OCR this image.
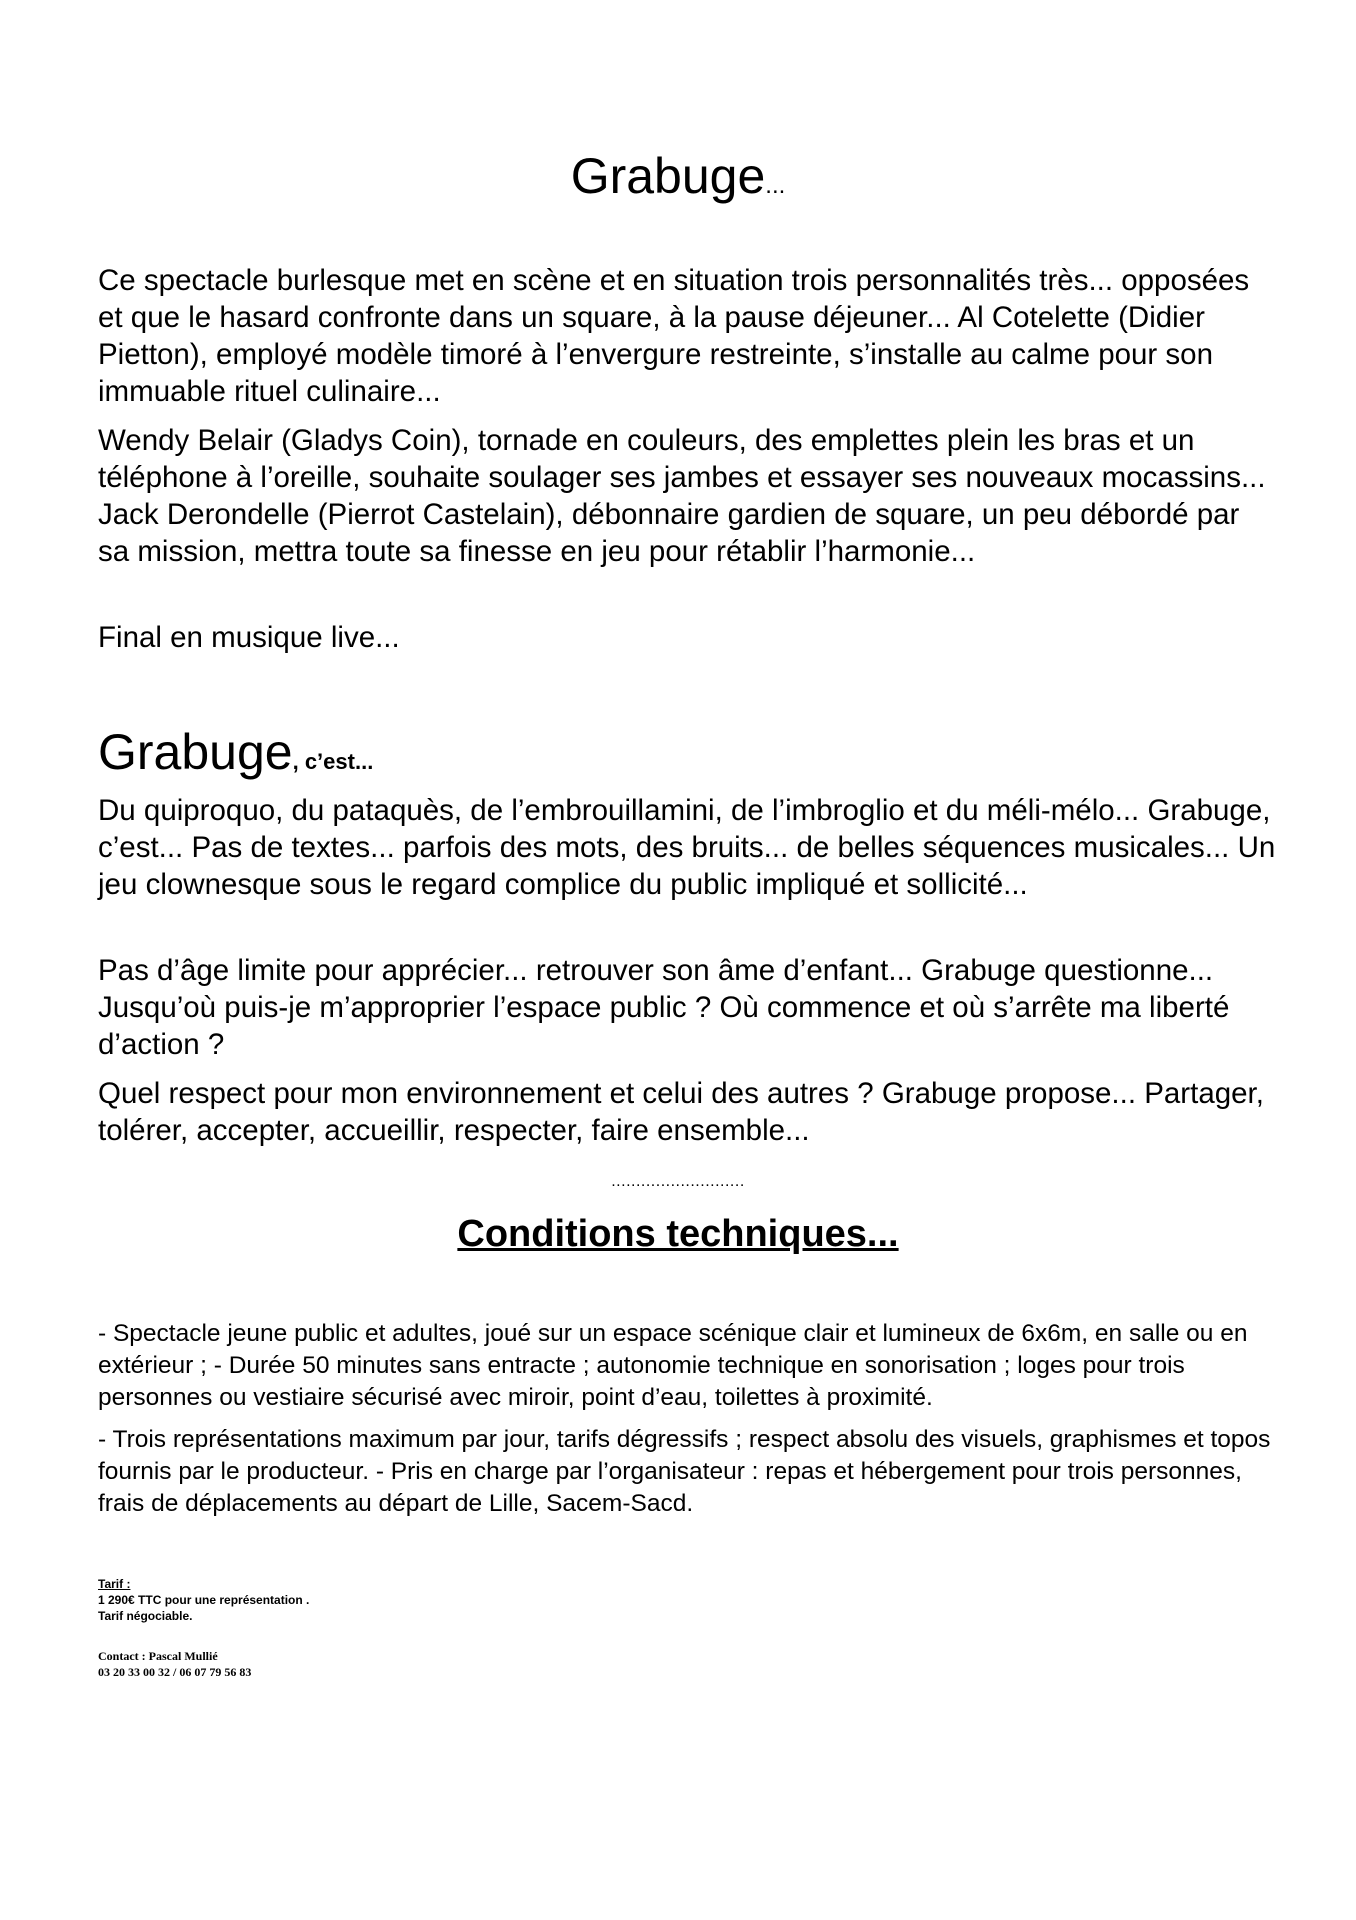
Grabuge...

Ce spectacle burlesque met en scène et en situation trois personnalités très... opposées et que le hasard confronte dans un square, à la pause déjeuner... Al Cotelette (Didier Pietton), employé modèle timoré à l’envergure restreinte, s’installe au calme pour son immuable rituel culinaire...

Wendy Belair (Gladys Coin), tornade en couleurs, des emplettes plein les bras et un téléphone à l’oreille, souhaite soulager ses jambes et essayer ses nouveaux mocassins... Jack Derondelle (Pierrot Castelain), débonnaire gardien de square, un peu débordé par sa mission, mettra toute sa finesse en jeu pour rétablir l’harmonie...

Final en musique live...

Grabuge, c’est...

Du quiproquo, du pataquès, de l’embrouillamini, de l’imbroglio et du méli-mélo... Grabuge, c’est... Pas de textes... parfois des mots, des bruits... de belles séquences musicales... Un jeu clownesque sous le regard complice du public impliqué et sollicité...

Pas d’âge limite pour apprécier... retrouver son âme d’enfant... Grabuge questionne... Jusqu’où puis-je m’approprier l’espace public ? Où commence et où s’arrête ma liberté d’action ?

Quel respect pour mon environnement et celui des autres ? Grabuge propose... Partager, tolérer, accepter, accueillir, respecter, faire ensemble...

...........................
Conditions techniques...

- Spectacle jeune public et adultes, joué sur un espace scénique clair et lumineux de 6x6m, en salle ou en extérieur ; - Durée 50 minutes sans entracte ; autonomie technique en sonorisation ; loges pour trois personnes ou vestiaire sécurisé avec miroir, point d’eau, toilettes à proximité.

- Trois représentations maximum par jour, tarifs dégressifs ; respect absolu des visuels, graphismes et topos fournis par le producteur. - Pris en charge par l’organisateur : repas et hébergement pour trois personnes, frais de déplacements au départ de Lille, Sacem-Sacd.

Tarif :
1 290€ TTC pour une représentation .
Tarif négociable.
Contact : Pascal Mullié
03 20 33 00 32 / 06 07 79 56 83
